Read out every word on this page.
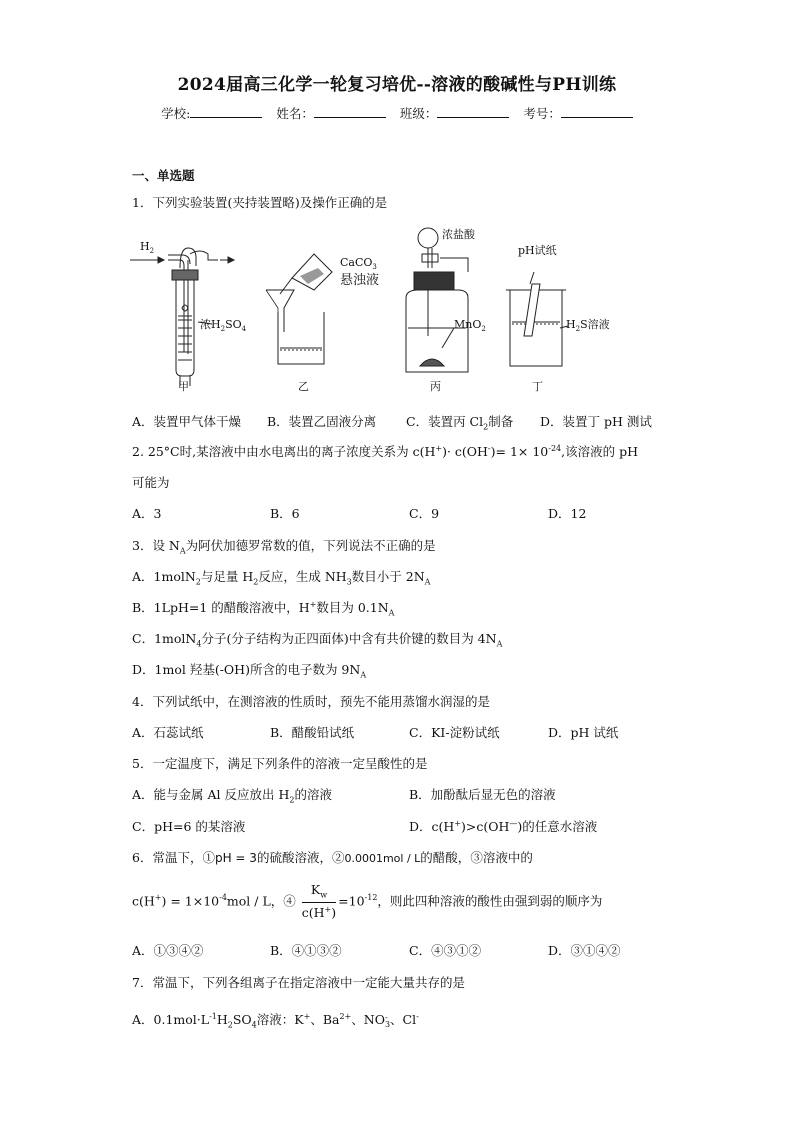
2024届高三化学一轮复习培优--溶液的酸碱性与PH训练
学校:	姓名：	班级：	考号：
一、单选题
1．下列实验装置(夹持装置略)及操作正确的是
$H_2$
浓$H_2SO_4$
甲
CaCO$_3$
悬浊液
乙
浓盐酸
MnO$_2$
丙
pH试纸
$H_2S$溶液
丁
A．装置甲气体干燥 B．装置乙固液分离 C．装置丙 $Cl_2$制备 D．装置丁 pH 测试
2. 25°C时,某溶液中由水电离出的离子浓度关系为 $c(H^+)\cdot c(OH^-)= 1\times 10^{-24}$,该溶液的 pH
可能为
A．3	B．6	C．9	D．12
3．设 $N_A$为阿伏加德罗常数的值，下列说法不正确的是
A．1molN$_2$与足量 $H_2$反应，生成 $NH_3$数目小于 $2N_A$
B．1LpH=1 的醋酸溶液中，H+数目为 $0.1N_A$
C．1molN$_4$分子(分子结构为正四面体)中含有共价键的数目为 $4N_A$
D．1mol 羟基(-OH)所含的电子数为 $9N_A$
4．下列试纸中，在测溶液的性质时，预先不能用蒸馏水润湿的是
A．石蕊试纸	B．醋酸铅试纸	C．KI-淀粉试纸	D．pH 试纸
5．一定温度下，满足下列条件的溶液一定呈酸性的是
A．能与金属 Al 反应放出 $H_2$的溶液	B．加酚酞后显无色的溶液
C．pH=6 的某溶液	D．c(H+)>c(OH—)的任意水溶液
6．常温下，①pH = 3的硫酸溶液，②0.0001mol / L的醋酸，③溶液中的
$c(H^+) = 1\times 10^{-4}mol / L$，④ $\frac{K_w}{c(H^+)} =10^{-12}$，则此四种溶液的酸性由强到弱的顺序为
A．①③④②	B．④①③②	C．④③①②	D．③①④②
7．常温下，下列各组离子在指定溶液中一定能大量共存的是
A．$0.1mol\cdot L^{-1}H_2SO_4$溶液：K+、$Ba^{2+}$、NO -
3 、Cl-
